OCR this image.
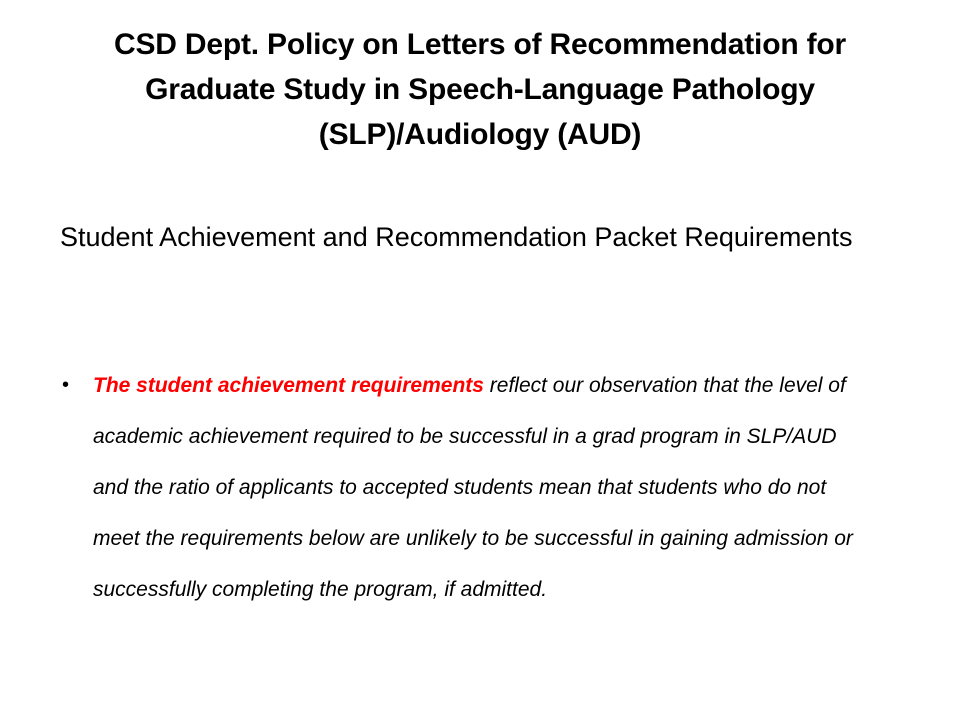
CSD Dept. Policy on Letters of Recommendation for Graduate Study in Speech-Language Pathology (SLP)/Audiology (AUD)
Student Achievement and Recommendation Packet Requirements
• The student achievement requirements reflect our observation that the level of academic achievement required to be successful in a grad program in SLP/AUD and the ratio of applicants to accepted students mean that students who do not meet the requirements below are unlikely to be successful in gaining admission or successfully completing the program, if admitted.
